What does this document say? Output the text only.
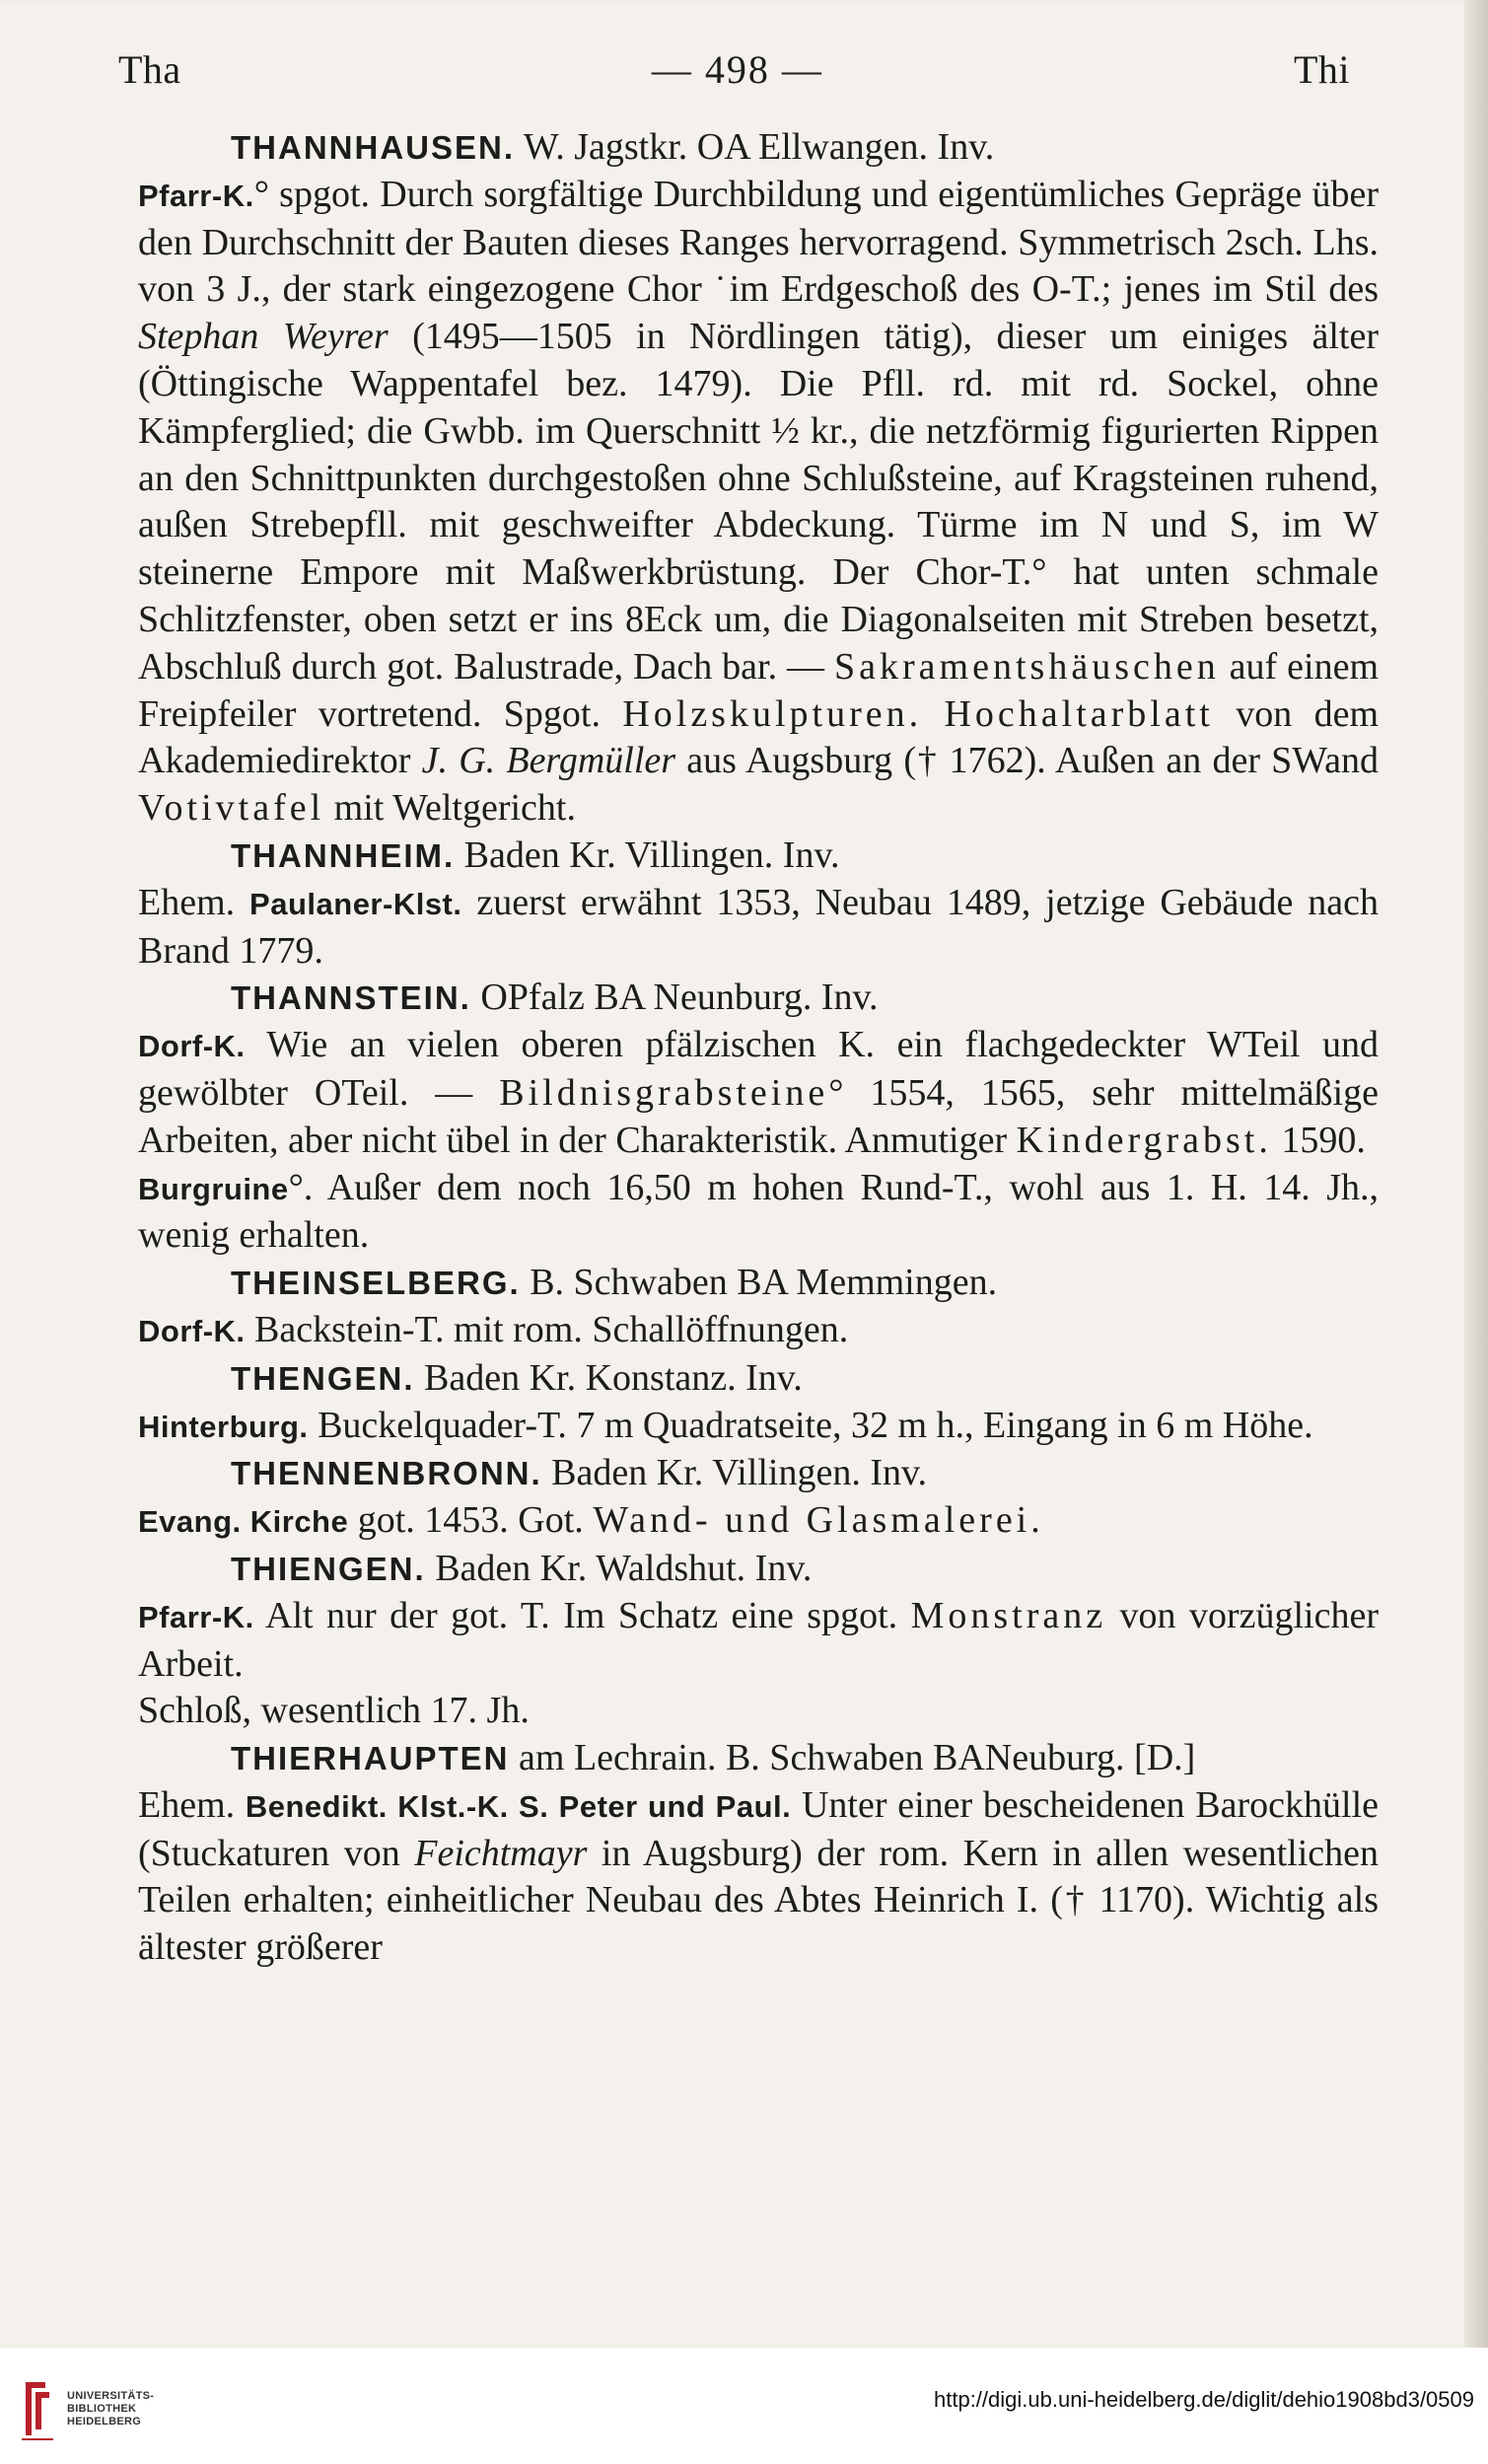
Tha	— 498 —	Thi

THANNHAUSEN. W. Jagstkr. OA Ellwangen. Inv.
Pfarr-K.° spgot. Durch sorgfältige Durchbildung und eigentümliches Gepräge über den Durchschnitt der Bauten dieses Ranges hervorragend. Symmetrisch 2sch. Lhs. von 3 J., der stark eingezogene Chor ˙im Erdgeschoß des O-T.; jenes im Stil des Stephan Weyrer (1495—1505 in Nördlingen tätig), dieser um einiges älter (Öttingische Wappentafel bez. 1479). Die Pfll. rd. mit rd. Sockel, ohne Kämpferglied; die Gwbb. im Querschnitt ½ kr., die netzförmig figurierten Rippen an den Schnittpunkten durchgestoßen ohne Schlußsteine, auf Kragsteinen ruhend, außen Strebepfll. mit geschweifter Abdeckung. Türme im N und S, im W steinerne Empore mit Maßwerkbrüstung. Der Chor-T.° hat unten schmale Schlitzfenster, oben setzt er ins 8Eck um, die Diagonalseiten mit Streben besetzt, Abschluß durch got. Balustrade, Dach bar. — Sakramentshäuschen auf einem Freipfeiler vortretend. Spgot. Holzskulpturen. Hochaltarblatt von dem Akademiedirektor J. G. Bergmüller aus Augsburg († 1762). Außen an der SWand Votivtafel mit Weltgericht.

THANNHEIM. Baden Kr. Villingen. Inv.
Ehem. Paulaner-Klst. zuerst erwähnt 1353, Neubau 1489, jetzige Gebäude nach Brand 1779.

THANNSTEIN. OPfalz BA Neunburg. Inv.
Dorf-K. Wie an vielen oberen pfälzischen K. ein flachgedeckter WTeil und gewölbter OTeil. — Bildnisgrabsteine° 1554, 1565, sehr mittelmäßige Arbeiten, aber nicht übel in der Charakteristik. Anmutiger Kindergrabst. 1590.
Burgruine°. Außer dem noch 16,50 m hohen Rund-T., wohl aus 1. H. 14. Jh., wenig erhalten.

THEINSELBERG. B. Schwaben BA Memmingen.
Dorf-K. Backstein-T. mit rom. Schallöffnungen.

THENGEN. Baden Kr. Konstanz. Inv.
Hinterburg. Buckelquader-T. 7 m Quadratseite, 32 m h., Eingang in 6 m Höhe.

THENNENBRONN. Baden Kr. Villingen. Inv.
Evang. Kirche got. 1453. Got. Wand- und Glasmalerei.

THIENGEN. Baden Kr. Waldshut. Inv.
Pfarr-K. Alt nur der got. T. Im Schatz eine spgot. Monstranz von vorzüglicher Arbeit.
Schloß, wesentlich 17. Jh.

THIERHAUPTEN am Lechrain. B. Schwaben BANeuburg. [D.]
Ehem. Benedikt. Klst.-K. S. Peter und Paul. Unter einer bescheidenen Barockhülle (Stuckaturen von Feichtmayr in Augsburg) der rom. Kern in allen wesentlichen Teilen erhalten; einheitlicher Neubau des Abtes Heinrich I. († 1170). Wichtig als ältester größerer

UNIVERSITÄTS-
BIBLIOTHEK
HEIDELBERG
http://digi.ub.uni-heidelberg.de/diglit/dehio1908bd3/0509
